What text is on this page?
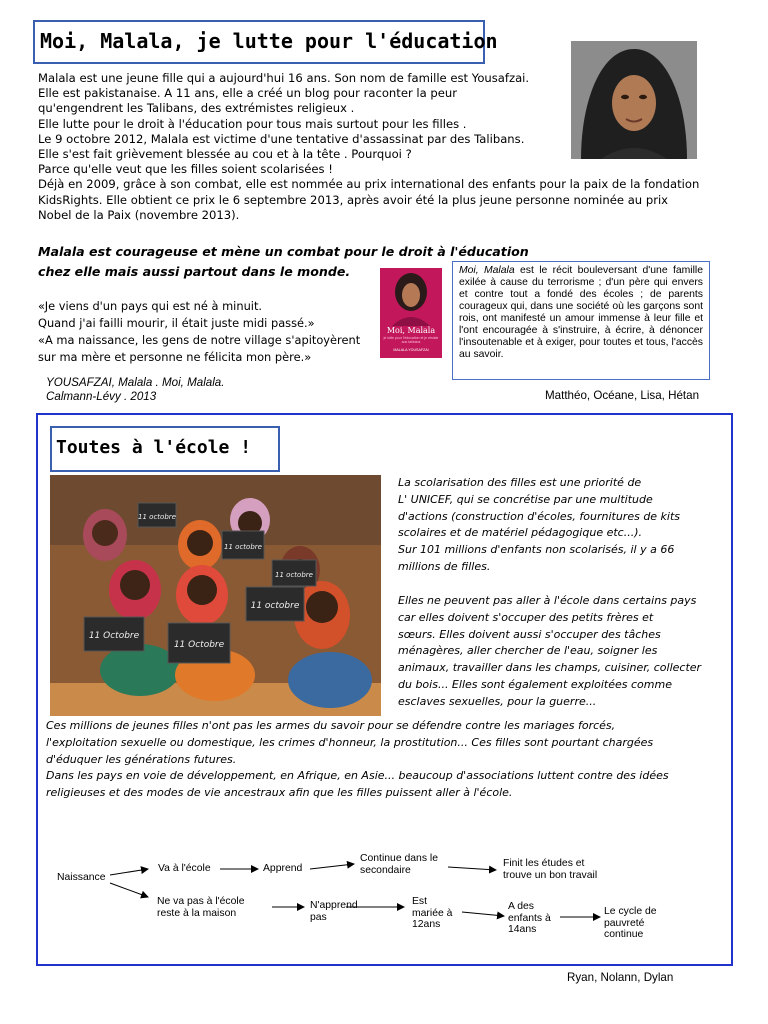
Moi, Malala, je lutte pour l'éducation
Malala est une jeune fille qui a aujourd'hui 16 ans. Son nom de famille est Yousafzai.
Elle est pakistanaise. A 11 ans, elle a créé un blog pour raconter la peur
qu'engendrent les Talibans, des extrémistes religieux .
Elle lutte pour le droit à l'éducation pour tous mais surtout pour les filles .
Le 9 octobre 2012, Malala est victime d'une tentative d'assassinat par des Talibans.
Elle s'est fait grièvement blessée au cou et à la tête . Pourquoi ?
Parce qu'elle veut que les filles soient scolarisées !
Déjà en 2009, grâce à son combat, elle est nommée au prix international des enfants pour la paix de la fondation
KidsRights. Elle obtient ce prix le 6 septembre 2013, après avoir été la plus jeune personne nominée au prix
Nobel de la Paix (novembre 2013).
Malala est courageuse et mène un combat pour le droit à l'éducation
chez elle mais aussi partout dans le monde.
«Je viens d'un pays qui est né à minuit.
Quand j'ai failli mourir, il était juste midi passé.»
«A ma naissance, les gens de notre village s'apitoyèrent
sur ma mère et personne ne félicita mon père.»
YOUSAFZAI, Malala . Moi, Malala.
Calmann-Lévy . 2013
Moi, Malala
je lutte pour l'éducation et je résiste aux talibans
MALALA YOUSAFZAI
Moi, Malala est le récit bouleversant d'une famille exilée à cause du terrorisme ; d'un père qui envers et contre tout a fondé des écoles ; de parents courageux qui, dans une société où les garçons sont rois, ont manifesté un amour immense à leur fille et l'ont encouragée à s'instruire, à écrire, à dénoncer l'insoutenable et à exiger, pour toutes et tous, l'accès au savoir.
Matthéo, Océane, Lisa, Hétan
Toutes à l'école !
11 octobre
11 octobre
11 octobre
11 Octobre
11 Octobre
11 octobre
La scolarisation des filles est une priorité de
L' UNICEF, qui se concrétise par une multitude
d'actions (construction d'écoles, fournitures de kits
scolaires et de matériel pédagogique etc...).
Sur 101 millions d'enfants non scolarisés, il y a 66
millions de filles.
Elles ne peuvent pas aller à l'école dans certains pays
car elles doivent s'occuper des petits frères et
sœurs. Elles doivent aussi s'occuper des tâches
ménagères, aller chercher de l'eau, soigner les
animaux, travailler dans les champs, cuisiner, collecter
du bois... Elles sont également exploitées comme
esclaves sexuelles, pour la guerre...
Ces millions de jeunes filles n'ont pas les armes du savoir pour se défendre contre les mariages forcés,
l'exploitation sexuelle ou domestique, les crimes d'honneur, la prostitution... Ces filles sont pourtant chargées
d'éduquer les générations futures.
Dans les pays en voie de développement, en Afrique, en Asie... beaucoup d'associations luttent contre des idées
religieuses et des modes de vie ancestraux afin que les filles puissent aller à l'école.
Naissance
Va à l'école	Apprend
Continue dans le
secondaire
Finit les études et
trouve un bon travail
Ne va pas à l'école
reste à la maison
N'apprend
pas
Est
mariée à
12ans
A des
enfants à
14ans
Le cycle de
pauvreté
continue
Ryan, Nolann, Dylan
